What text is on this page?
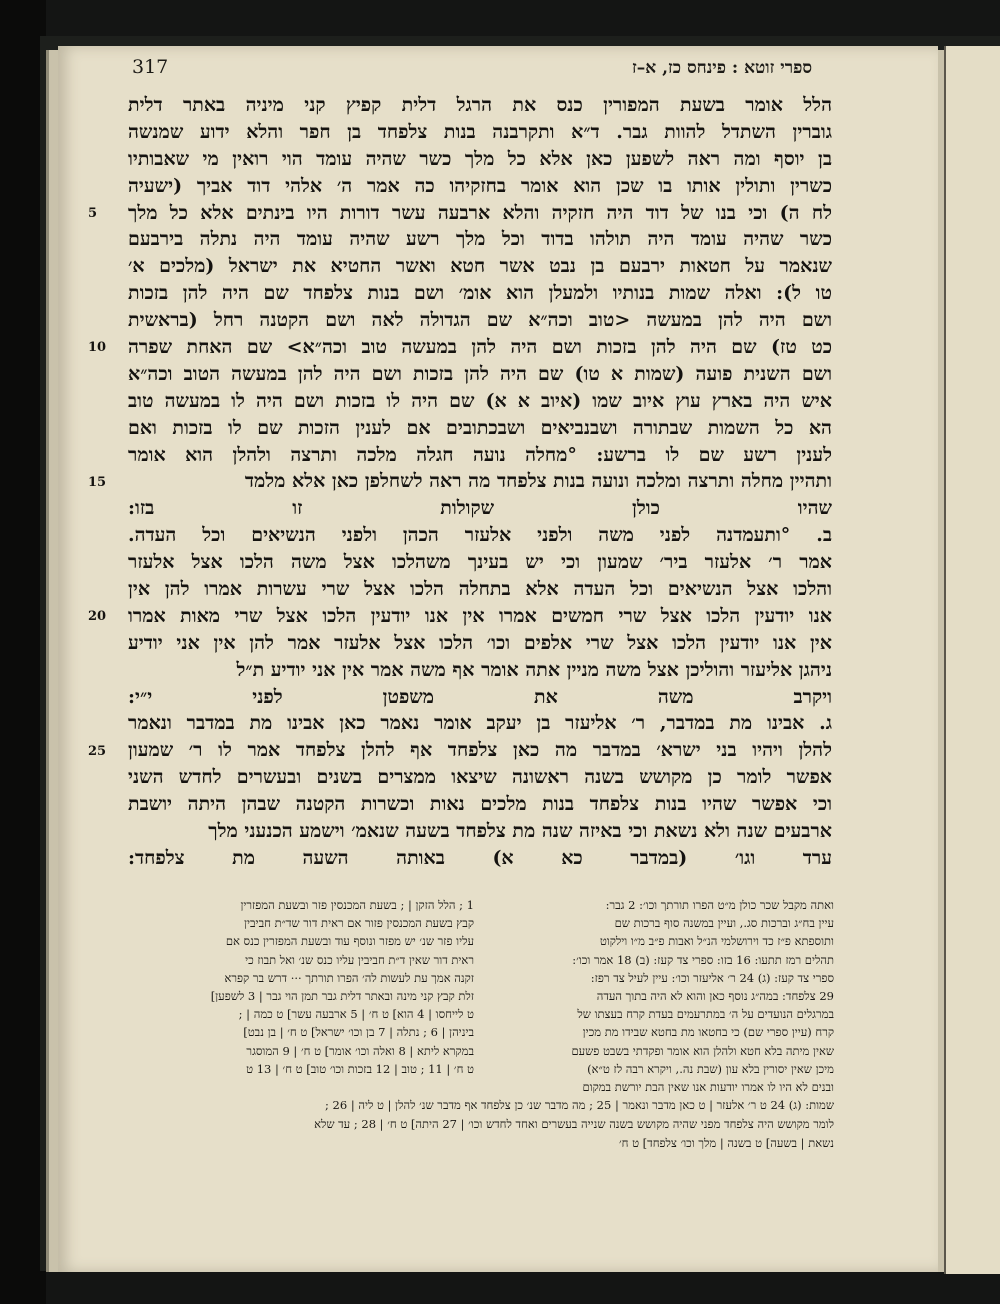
317	ספרי זוטא : פינחס כז, א–ז
הלל אומר בשעת המפורין כנס את הרגל דלית קפיץ קני מיניה באתר דלית
גוברין השתדל להוות גבר. ד״א ותקרבנה בנות צלפחד בן חפר והלא ידוע שמנשה
בן יוסף ומה ראה לשפען כאן אלא כל מלך כשר שהיה עומד הוי רואין מי שאבותיו
כשרין ותולין אותו בו שכן הוא אומר בחזקיהו כה אמר ה׳ אלהי דוד אביך (ישעיה
לח ה) וכי בנו של דוד היה חזקיה והלא ארבעה עשר דורות היו בינתים אלא כל מלך
כשר שהיה עומד היה תולהו בדוד וכל מלך רשע שהיה עומד היה נתלה בירבעם
שנאמר על חטאות ירבעם בן נבט אשר חטא ואשר החטיא את ישראל (מלכים א׳
טו ל): ואלה שמות בנותיו ולמעלן הוא אומ׳ ושם בנות צלפחד שם היה להן בזכות
ושם היה להן במעשה <טוב וכה״א שם הגדולה לאה ושם הקטנה רחל (בראשית
כט טז) שם היה להן בזכות ושם היה להן במעשה טוב וכה״א> שם האחת שפרה
ושם השנית פועה (שמות א טו) שם היה להן בזכות ושם היה להן במעשה הטוב וכה״א
איש היה בארץ עוץ איוב שמו (איוב א א) שם היה לו בזכות ושם היה לו במעשה טוב
הא כל השמות שבתורה ושבנביאים ושבכתובים אם לענין הזכות שם לו בזכות ואם
לענין רשע שם לו ברשע: °מחלה נועה חגלה מלכה ותרצה ולהלן הוא אומר
ותהיין מחלה ותרצה ומלכה ונועה בנות צלפחד מה ראה לשחלפן כאן אלא מלמד
שהיו כולן שקולות זו בזו:
ב. °ותעמדנה לפני משה ולפני אלעזר הכהן ולפני הנשיאים וכל העדה.
אמר ר׳ אלעזר ביר׳ שמעון וכי יש בעינך משהלכו אצל משה הלכו אצל אלעזר
והלכו אצל הנשיאים וכל העדה אלא בתחלה הלכו אצל שרי עשרות אמרו להן אין
אנו יודעין הלכו אצל שרי חמשים אמרו אין אנו יודעין הלכו אצל שרי מאות אמרו
אין אנו יודעין הלכו אצל שרי אלפים וכו׳ הלכו אצל אלעזר אמר להן אין אני יודיע
ניהגן אליעזר והוליכן אצל משה מניין אתה אומר אף משה אמר אין אני יודיע ת״ל
ויקרב משה את משפטן לפני י״י:
ג. אבינו מת במדבר, ר׳ אליעזר בן יעקב אומר נאמר כאן אבינו מת במדבר ונאמר
להלן ויהיו בני ישרא׳ במדבר מה כאן צלפחד אף להלן צלפחד אמר לו ר׳ שמעון
אפשר לומר כן מקושש בשנה ראשונה שיצאו ממצרים בשנים ובעשרים לחדש השני
וכי אפשר שהיו בנות צלפחד בנות מלכים נאות וכשרות הקטנה שבהן היתה יושבת
ארבעים שנה ולא נשאת וכי באיזה שנה מת צלפחד בשעה שנאמ׳ וישמע הכנעני מלך
ערד וגו׳ (במדבר כא א) באותה השעה מת צלפחד:
5
10
15
20
25
ואתה מקבל שכר כולן מ״ט הפרו תורתך וכו׳: 2 גבר:
עיין בח״ג וברכות סג., ועיין במשנה סוף ברכות שם
ותוספתא פ״ז כד וירושלמי הנ״ל ואבות פ״ב מ״ו וילקוט
תהלים רמז תתעו: 16 בזו: ספרי צד קעז: (ב) 18 אמר וכו׳:
ספרי צד קעז: (ג) 24 ר׳ אליעזר וכו׳: עיין לעיל צד רפז:
29 צלפחד: במה״ג נוסף כאן והוא לא היה בתוך העדה
במרגלים הנועדים על ה׳ במתרעמים בעדת קרח בעצתו של
קרח (עיין ספרי שם) כי בחטאו מת בחטא שבידו מת מכין
שאין מיתה בלא חטא ולהלן הוא אומר ופקדתי בשבט פשעם
מיכן שאין יסורין בלא עון (שבת נה., ויקרא רבה לז ט״א)
ובנים לא היו לו אמרו יודעות אנו שאין הבת יורשת במקום
1 ; הלל הזקן | ; בשעת המכנסין פזר ובשעת המפזרין
קבץ בשעת המכנסין פזור אם ראית דור שד״ת חביבין
עליו פזר שנ׳ יש מפזר ונוסף עוד ובשעת המפזרין כנס אם
ראית דור שאין ד״ת חביבין עליו כנס שנ׳ ואל תבוז כי
זקנה אמך עת לעשות לה׳ הפרו תורתך ··· דרש בר קפרא
זלת קבץ קני מינה ובאתר דלית גבר תמן הוי גבר | 3 לשפען]
ט לייחסו | 4 הוא] ט ח׳ | 5 ארבעה עשר] ט כמה | ;
ביניהן | 6 ; נתלה | 7 בן וכו׳ ישראל] ט ח׳ | בן נבט]
במקרא ליתא | 8 ואלה וכו׳ אומר] ט ח׳ | 9 המוסגר
ט ח׳ | 11 ; טוב | 12 בזכות וכו׳ טוב] ט ח׳ | 13 ט
שמות: (ג) 24 ט ר׳ אלעזר | ט כאן מדבר ונאמר | 25 ; מה מדבר שנ׳ כן צלפחד אף מדבר שנ׳ להלן | ט ליה | 26 ;
לומר מקושש היה צלפחד מפני שהיה מקושש בשנה שנייה בעשרים ואחד לחדש וכו׳ | 27 היתה] ט ח׳ | 28 ; עד שלא
נשאת | בשעה] ט בשנה | מלך וכו׳ צלפחד] ט ח׳
